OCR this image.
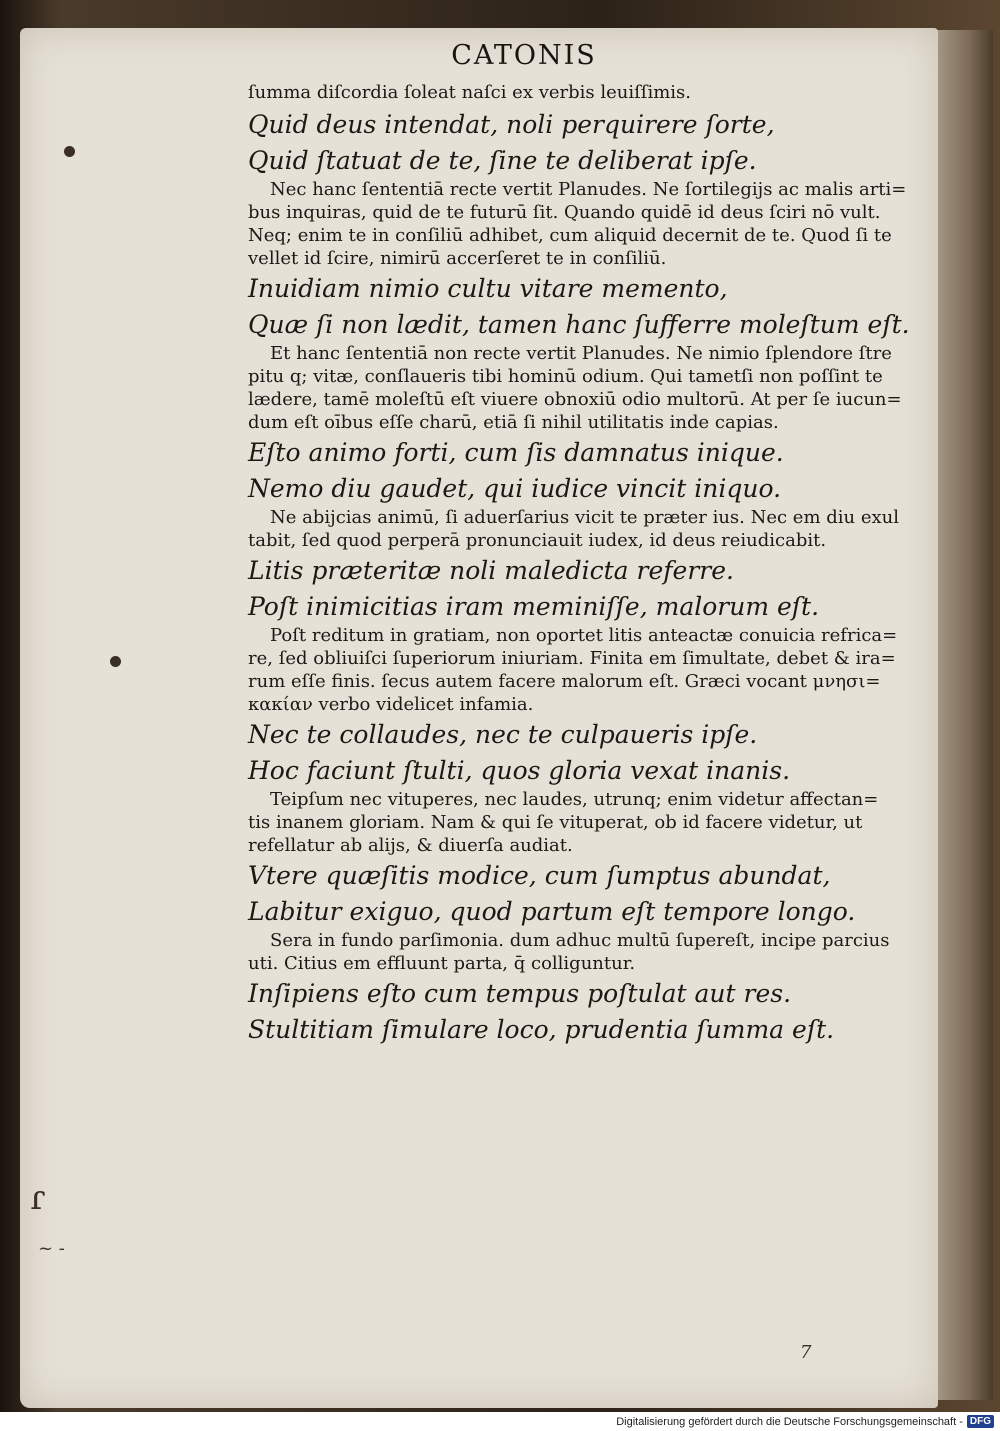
CATONIS
ſumma diſcordia ſoleat naſci ex verbis leuiſſimis.
Quid deus intendat, noli perquirere ſorte,
Quid ſtatuat de te, ſine te deliberat ipſe.
Nec hanc ſententiā recte vertit Planudes. Ne ſortilegijs ac malis arti=
bus inquiras, quid de te futurū ſit. Quando quidē id deus ſciri nō vult.
Neq; enim te in conſiliū adhibet, cum aliquid decernit de te. Quod ſi te
vellet id ſcire, nimirū accerſeret te in conſiliū.
Inuidiam nimio cultu vitare memento,
Quæ ſi non lædit, tamen hanc ſufferre moleſtum eſt.
Et hanc ſententiā non recte vertit Planudes. Ne nimio ſplendore ſtre
pitu q; vitæ, conſlaueris tibi hominū odium. Qui tametſi non poſſint te
lædere, tamē moleſtū eſt viuere obnoxiū odio multorū. At per ſe iucun=
dum eſt oībus eſſe charū, etiā ſi nihil utilitatis inde capias.
Eſto animo forti, cum ſis damnatus inique.
Nemo diu gaudet, qui iudice vincit iniquo.
Ne abijcias animū, ſi aduerſarius vicit te præter ius. Nec em diu exul
tabit, ſed quod perperā pronunciauit iudex, id deus reiudicabit.
Litis præteritæ noli maledicta referre.
Poſt inimicitias iram meminiſſe, malorum eſt.
Poſt reditum in gratiam, non oportet litis anteactæ conuicia refrica=
re, ſed obliuiſci ſuperiorum iniuriam. Finita em ſimultate, debet & ira=
rum eſſe finis. ſecus autem facere malorum eſt. Græci vocant μνησι=
κακίαν verbo videlicet infamia.
Nec te collaudes, nec te culpaueris ipſe.
Hoc faciunt ſtulti, quos gloria vexat inanis.
Teipſum nec vituperes, nec laudes, utrunq; enim videtur affectan=
tis inanem gloriam. Nam & qui ſe vituperat, ob id facere videtur, ut
refellatur ab alijs, & diuerſa audiat.
Vtere quæſitis modice, cum ſumptus abundat,
Labitur exiguo, quod partum eſt tempore longo.
Sera in fundo parſimonia. dum adhuc multū ſupereſt, incipe parcius
uti. Citius em effluunt parta, q̄ colliguntur.
Inſipiens eſto cum tempus poſtulat aut res.
Stultitiam ſimulare loco, prudentia ſumma eſt.
ɾ
~ -
7
Digitalisierung gefördert durch die Deutsche Forschungsgemeinschaft - DFG
